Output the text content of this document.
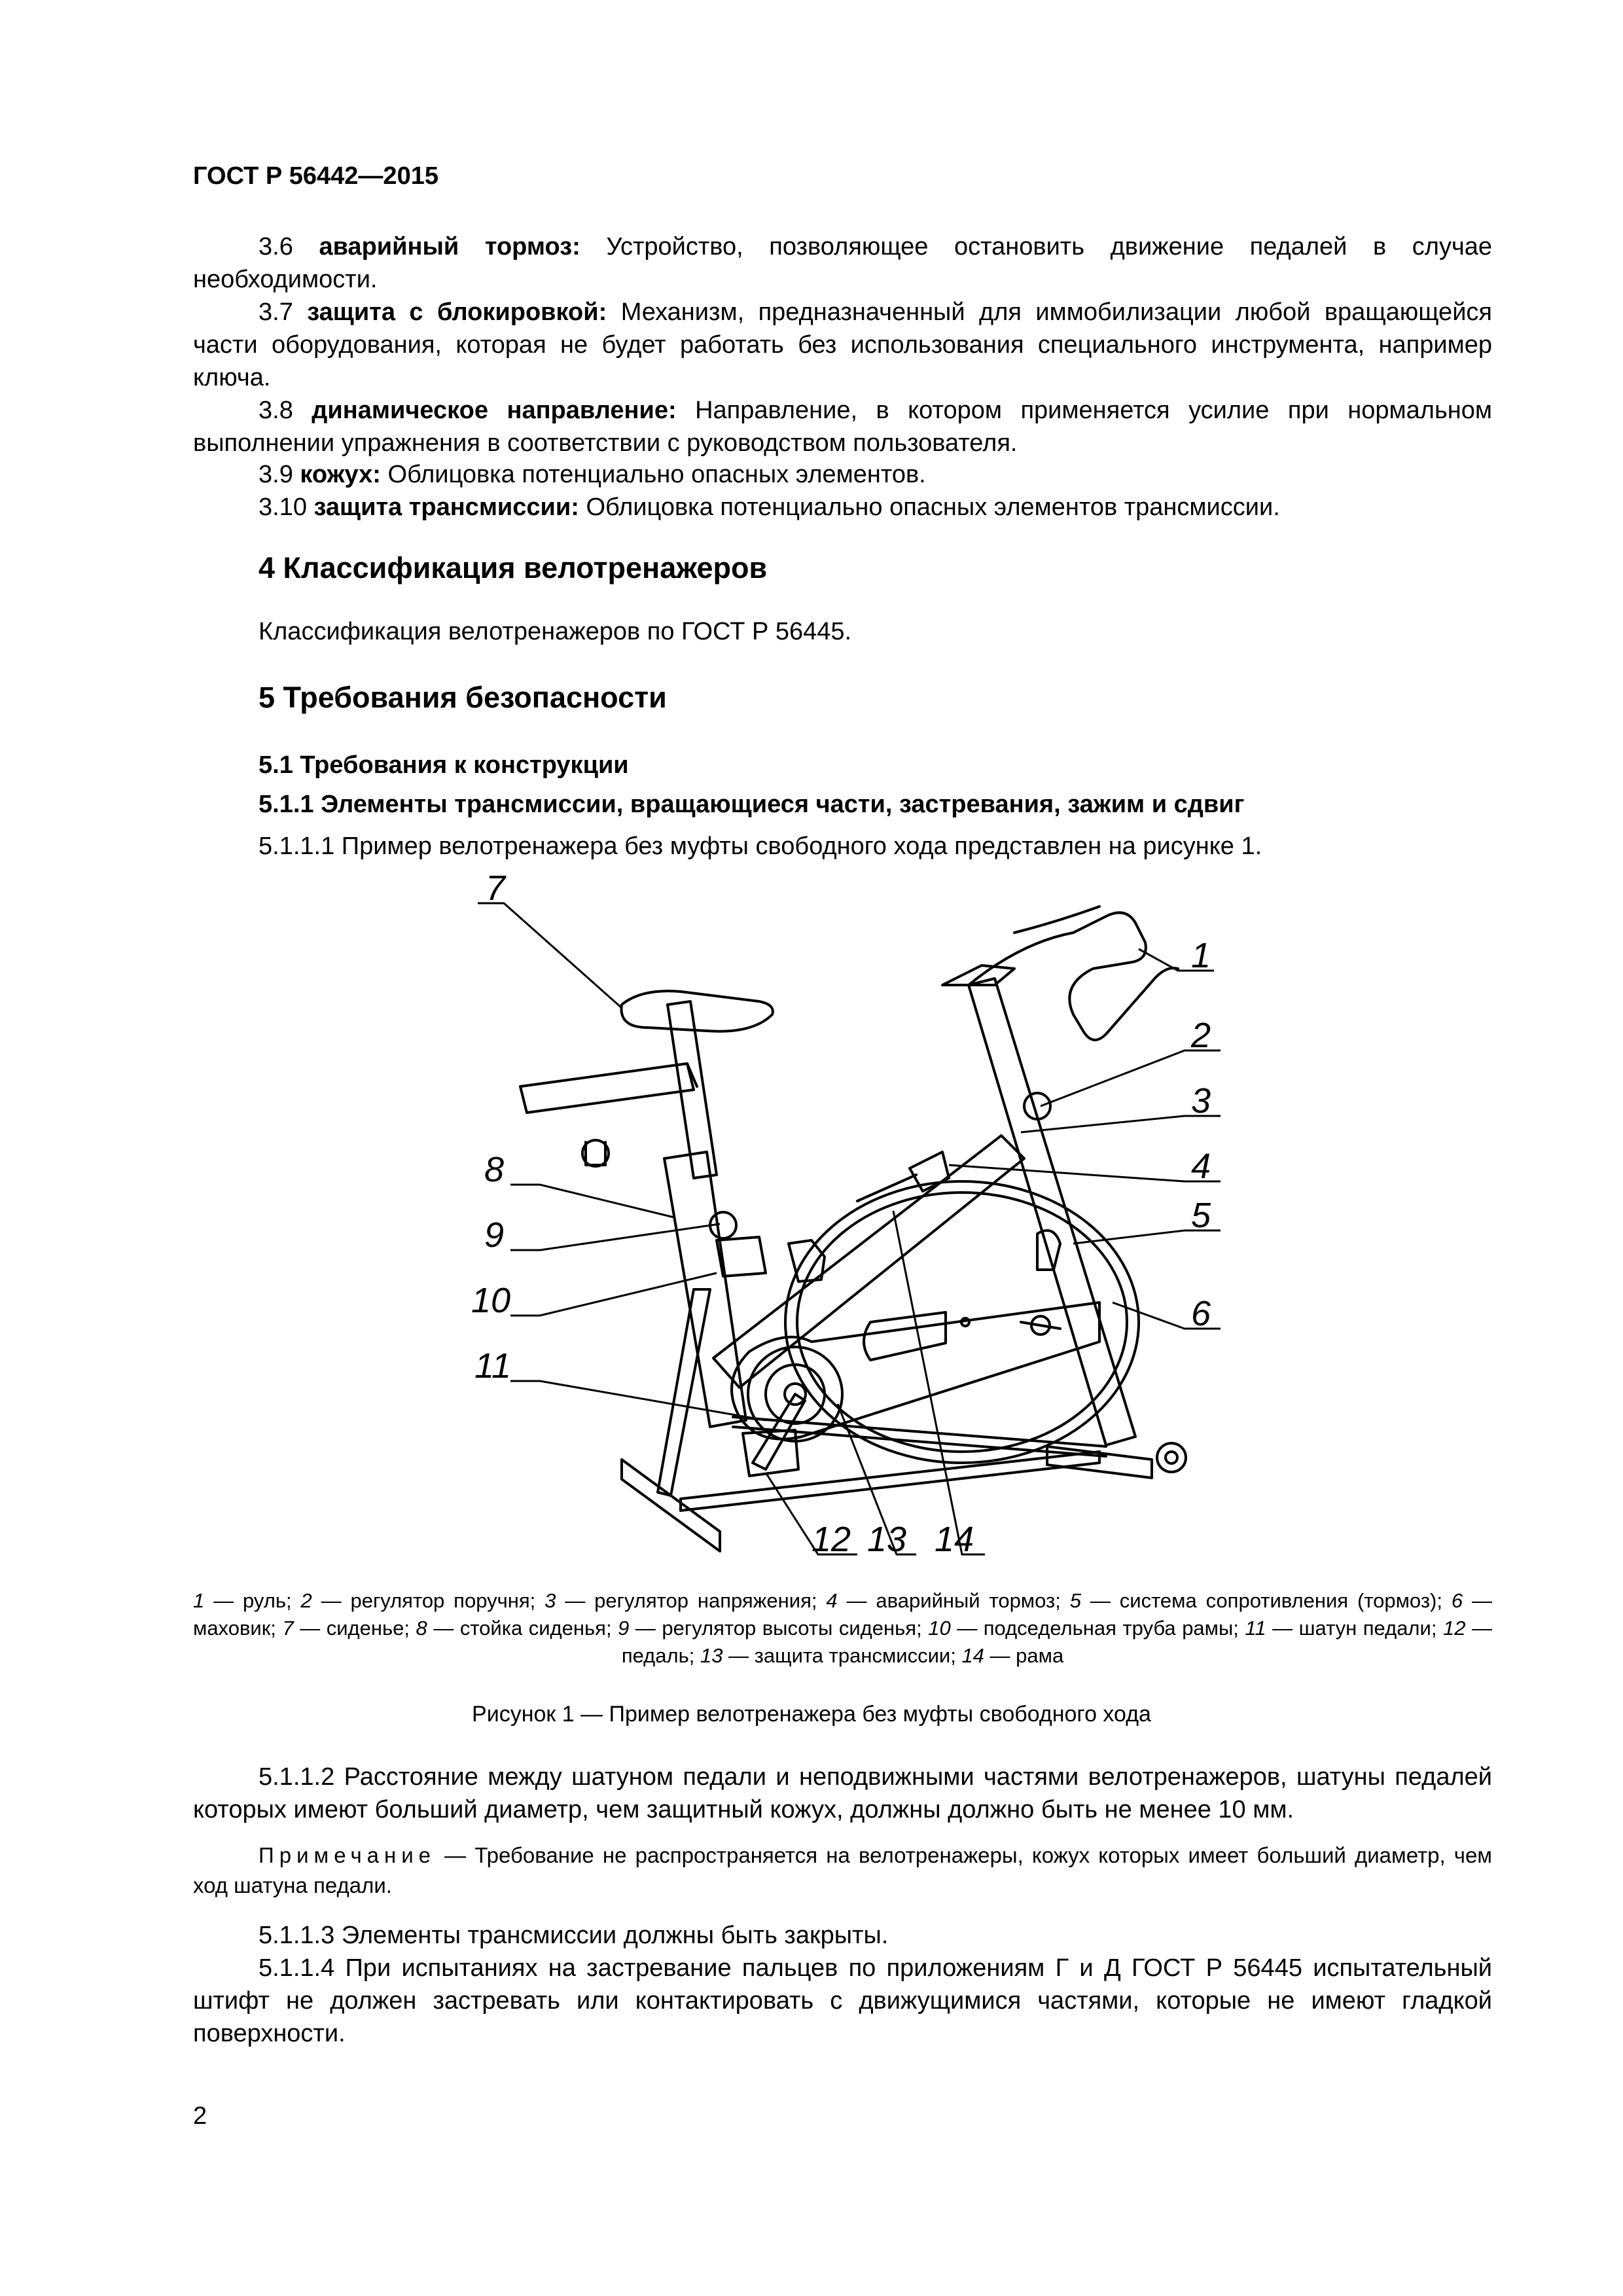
ГОСТ Р 56442—2015
3.6 аварийный тормоз: Устройство, позволяющее остановить движение педалей в случае необходимости.
3.7 защита с блокировкой: Механизм, предназначенный для иммобилизации любой вращающейся части оборудования, которая не будет работать без использования специального инструмента, например ключа.
3.8 динамическое направление: Направление, в котором применяется усилие при нормальном выполнении упражнения в соответствии с руководством пользователя.
3.9 кожух: Облицовка потенциально опасных элементов.
3.10 защита трансмиссии: Облицовка потенциально опасных элементов трансмиссии.
4 Классификация велотренажеров
Классификация велотренажеров по ГОСТ Р 56445.
5 Требования безопасности
5.1 Требования к конструкции
5.1.1 Элементы трансмиссии, вращающиеся части, застревания, зажим и сдвиг
5.1.1.1 Пример велотренажера без муфты свободного хода представлен на рисунке 1.
7
1
2
3
4
5
6
8
9
10
11
12 13 14
1 — руль; 2 — регулятор поручня; 3 — регулятор напряжения; 4 — аварийный тормоз; 5 — система сопротивления (тормоз); 6 — маховик; 7 — сиденье; 8 — стойка сиденья; 9 — регулятор высоты сиденья; 10 — подседельная труба рамы; 11 — шатун педали; 12 — педаль; 13 — защита трансмиссии; 14 — рама
Рисунок 1 — Пример велотренажера без муфты свободного хода
5.1.1.2 Расстояние между шатуном педали и неподвижными частями велотренажеров, шатуны педалей которых имеют больший диаметр, чем защитный кожух, должны должно быть не менее 10 мм.
Примечание — Требование не распространяется на велотренажеры, кожух которых имеет больший диаметр, чем ход шатуна педали.
5.1.1.3 Элементы трансмиссии должны быть закрыты.
5.1.1.4 При испытаниях на застревание пальцев по приложениям Г и Д ГОСТ Р 56445 испытательный штифт не должен застревать или контактировать с движущимися частями, которые не имеют гладкой поверхности.
2
